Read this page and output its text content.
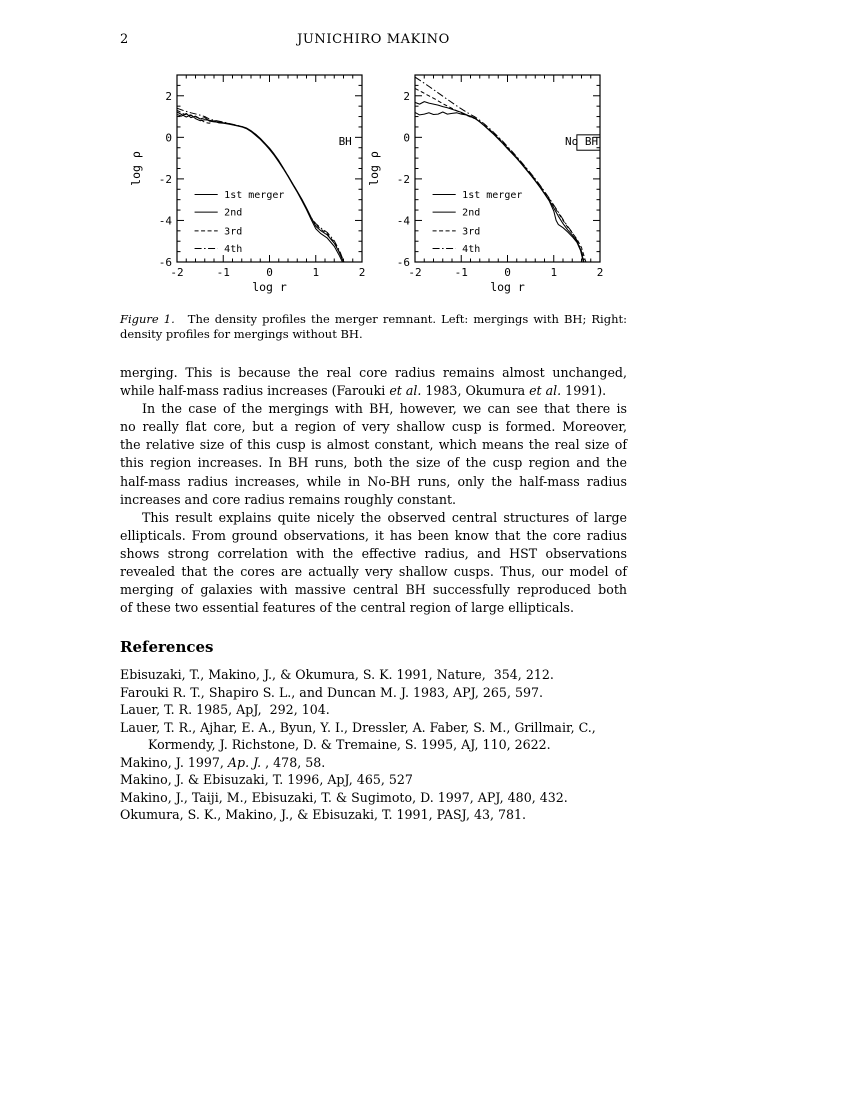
2	JUNICHIRO MAKINO
-2	-1	0	1	2
2
0
-2
-4
-6
log r
log ρ
1st merger
2nd
3rd
4th
BH
-2	-1	0	1	2
2
0
-2
-4
-6
log r
log ρ
1st merger
2nd
3rd
4th
No BH
Figure 1. The density profiles the merger remnant. Left: mergings with BH; Right:
density profiles for mergings without BH.
merging. This is because the real core radius remains almost unchanged,
while half-mass radius increases (Farouki et al. 1983, Okumura et al. 1991).
In the case of the mergings with BH, however, we can see that there is
no really flat core, but a region of very shallow cusp is formed. Moreover,
the relative size of this cusp is almost constant, which means the real size of
this region increases. In BH runs, both the size of the cusp region and the
half-mass radius increases, while in No-BH runs, only the half-mass radius
increases and core radius remains roughly constant.
This result explains quite nicely the observed central structures of large
ellipticals. From ground observations, it has been know that the core radius
shows strong correlation with the effective radius, and HST observations
revealed that the cores are actually very shallow cusps. Thus, our model of
merging of galaxies with massive central BH successfully reproduced both
of these two essential features of the central region of large ellipticals.
References
Ebisuzaki, T., Makino, J., & Okumura, S. K. 1991, Nature,  354, 212.
Farouki R. T., Shapiro S. L., and Duncan M. J. 1983, APJ, 265, 597.
Lauer, T. R. 1985, ApJ,  292, 104.
Lauer, T. R., Ajhar, E. A., Byun, Y. I., Dressler, A. Faber, S. M., Grillmair, C.,
Kormendy, J. Richstone, D. & Tremaine, S. 1995, AJ, 110, 2622.
Makino, J. 1997, Ap. J. , 478, 58.
Makino, J. & Ebisuzaki, T. 1996, ApJ, 465, 527
Makino, J., Taiji, M., Ebisuzaki, T. & Sugimoto, D. 1997, APJ, 480, 432.
Okumura, S. K., Makino, J., & Ebisuzaki, T. 1991, PASJ, 43, 781.
